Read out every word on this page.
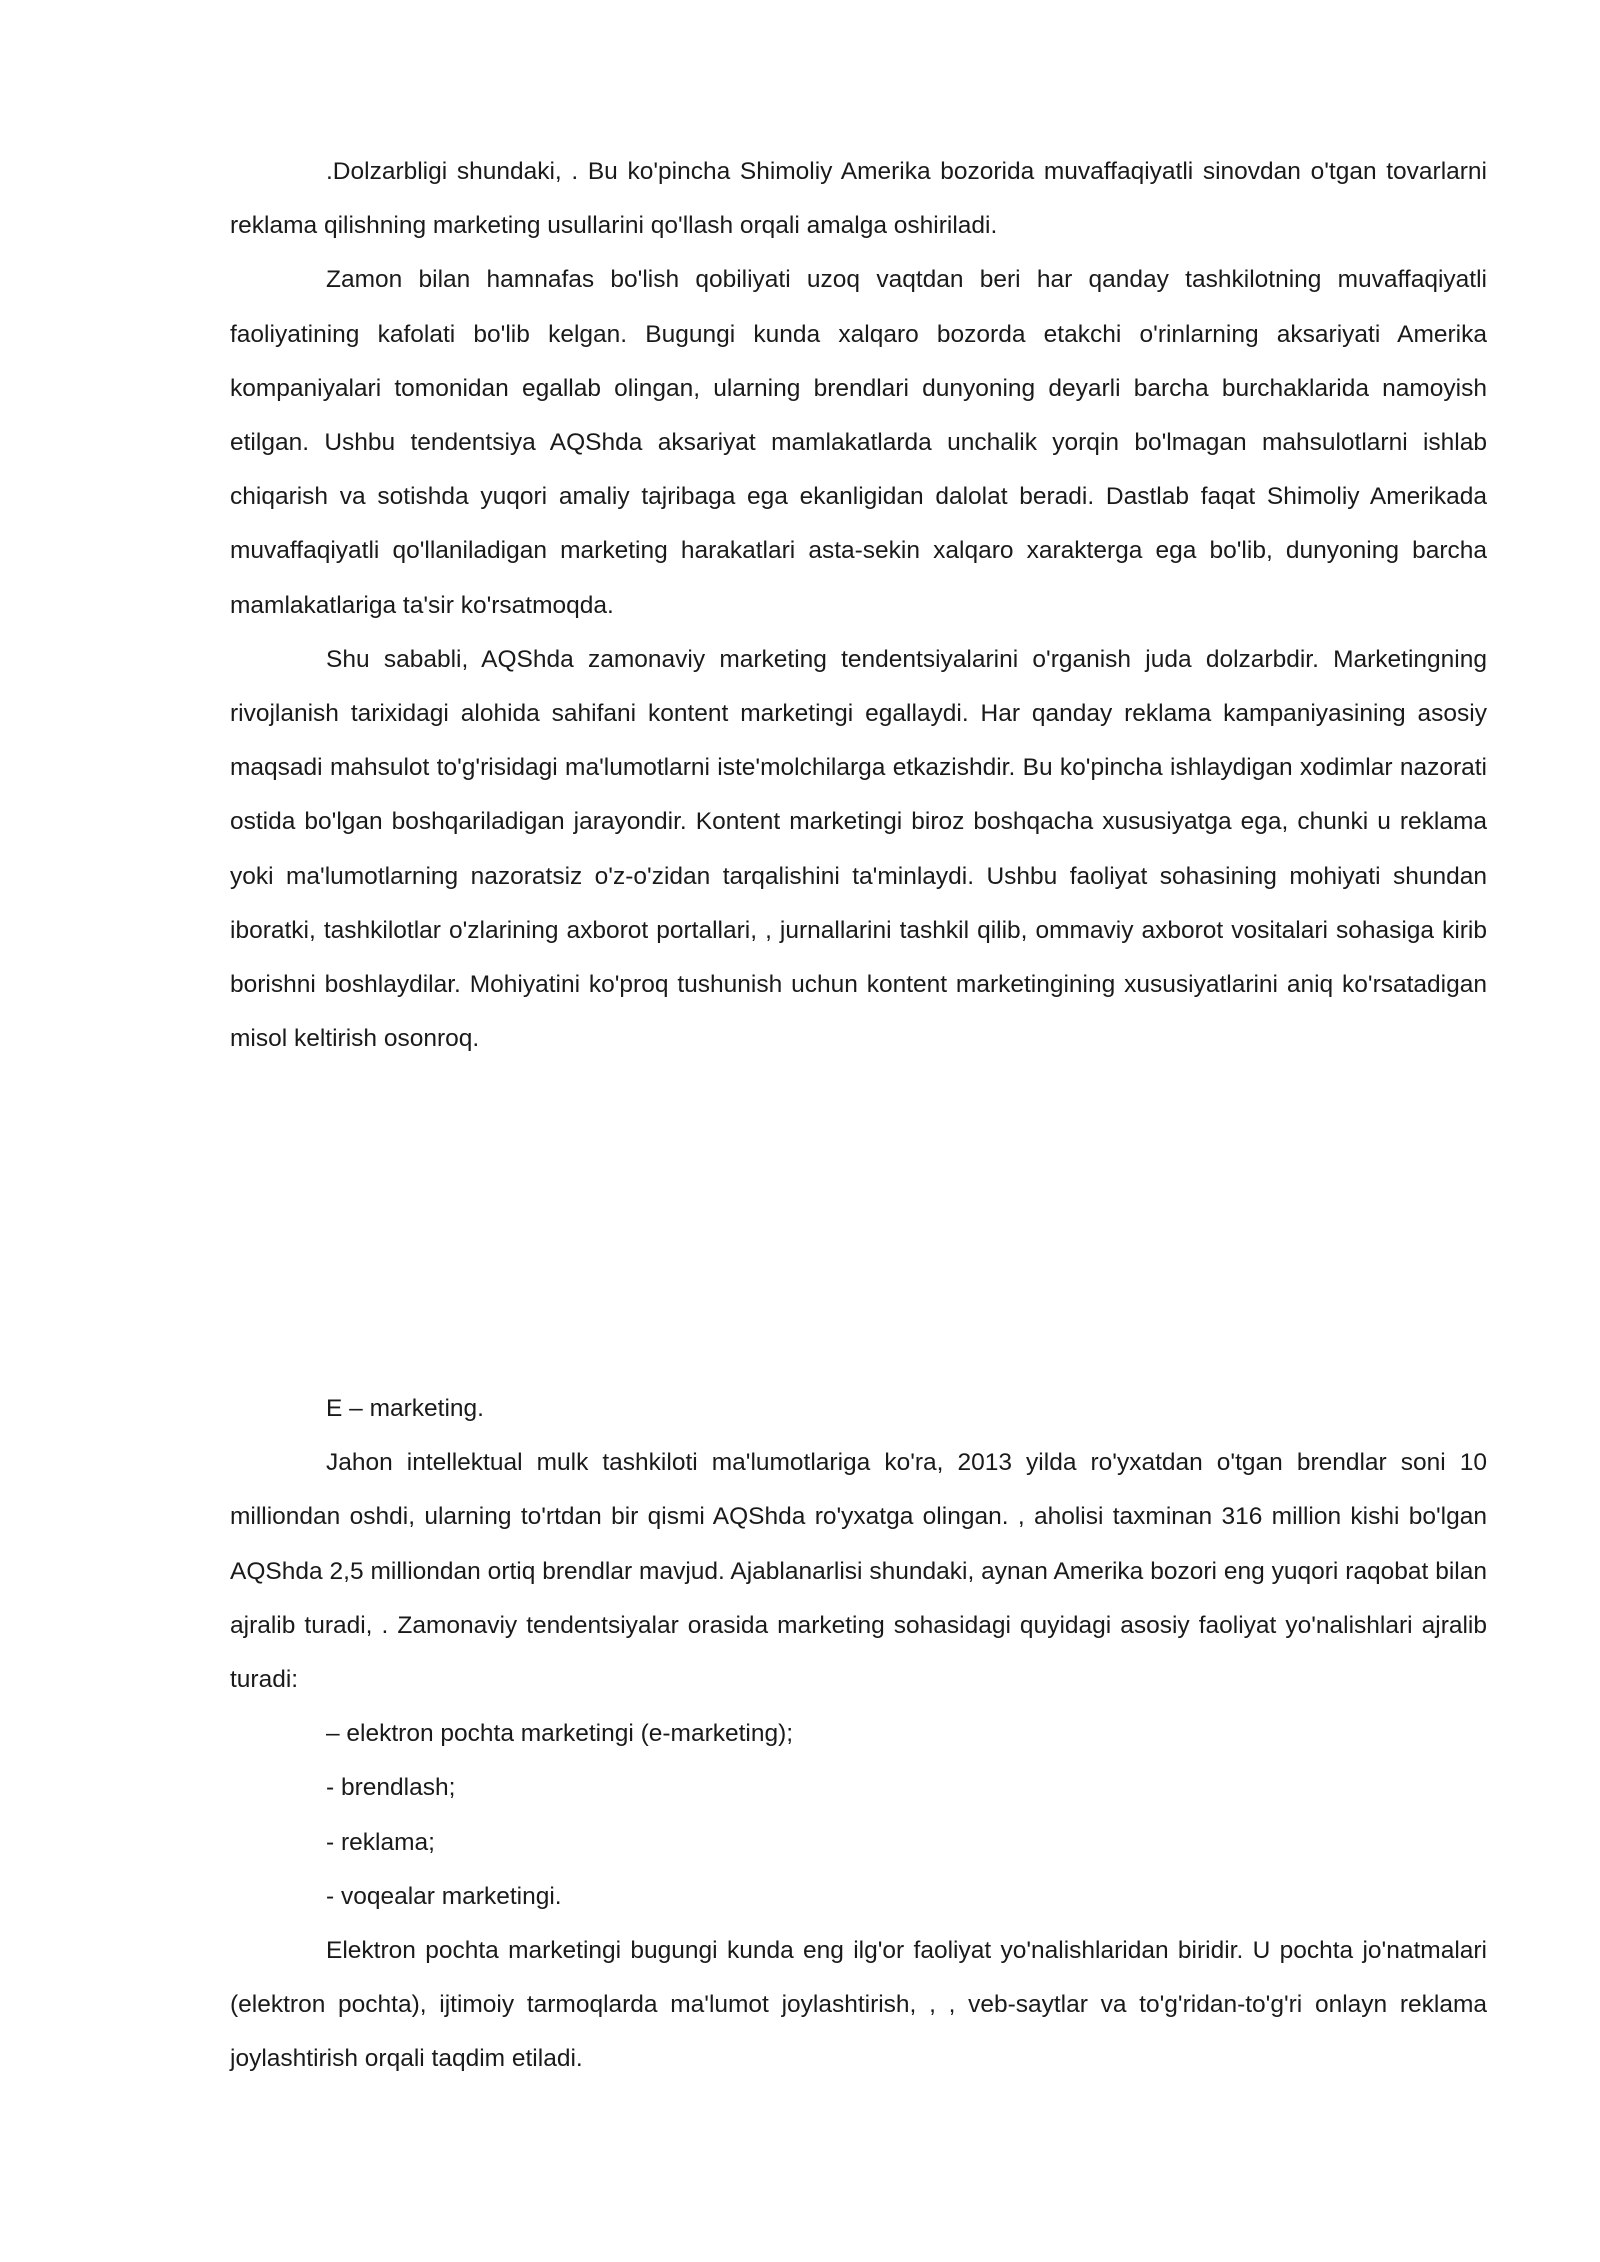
.Dolzarbligi shundaki, . Bu ko'pincha Shimoliy Amerika bozorida muvaffaqiyatli sinovdan o'tgan tovarlarni reklama qilishning marketing usullarini qo'llash orqali amalga oshiriladi.

Zamon bilan hamnafas bo'lish qobiliyati uzoq vaqtdan beri har qanday tashkilotning muvaffaqiyatli faoliyatining kafolati bo'lib kelgan. Bugungi kunda xalqaro bozorda etakchi o'rinlarning aksariyati Amerika kompaniyalari tomonidan egallab olingan, ularning brendlari dunyoning deyarli barcha burchaklarida namoyish etilgan. Ushbu tendentsiya AQShda aksariyat mamlakatlarda unchalik yorqin bo'lmagan mahsulotlarni ishlab chiqarish va sotishda yuqori amaliy tajribaga ega ekanligidan dalolat beradi. Dastlab faqat Shimoliy Amerikada muvaffaqiyatli qo'llaniladigan marketing harakatlari asta-sekin xalqaro xarakterga ega bo'lib, dunyoning barcha mamlakatlariga ta'sir ko'rsatmoqda.

Shu sababli, AQShda zamonaviy marketing tendentsiyalarini o'rganish juda dolzarbdir. Marketingning rivojlanish tarixidagi alohida sahifani kontent marketingi egallaydi. Har qanday reklama kampaniyasining asosiy maqsadi mahsulot to'g'risidagi ma'lumotlarni iste'molchilarga etkazishdir. Bu ko'pincha ishlaydigan xodimlar nazorati ostida bo'lgan boshqariladigan jarayondir. Kontent marketingi biroz boshqacha xususiyatga ega, chunki u reklama yoki ma'lumotlarning nazoratsiz o'z-o'zidan tarqalishini ta'minlaydi. Ushbu faoliyat sohasining mohiyati shundan iboratki, tashkilotlar o'zlarining axborot portallari, , jurnallarini tashkil qilib, ommaviy axborot vositalari sohasiga kirib borishni boshlaydilar. Mohiyatini ko'proq tushunish uchun kontent marketingining xususiyatlarini aniq ko'rsatadigan misol keltirish osonroq.

E – marketing.

Jahon intellektual mulk tashkiloti ma'lumotlariga ko'ra, 2013 yilda ro'yxatdan o'tgan brendlar soni 10 milliondan oshdi, ularning to'rtdan bir qismi AQShda ro'yxatga olingan. , aholisi taxminan 316 million kishi bo'lgan AQShda 2,5 milliondan ortiq brendlar mavjud. Ajablanarlisi shundaki, aynan Amerika bozori eng yuqori raqobat bilan ajralib turadi, . Zamonaviy tendentsiyalar orasida marketing sohasidagi quyidagi asosiy faoliyat yo'nalishlari ajralib turadi:

– elektron pochta marketingi (e-marketing);

- brendlash;

- reklama;

- voqealar marketingi.

Elektron pochta marketingi bugungi kunda eng ilg'or faoliyat yo'nalishlaridan biridir. U pochta jo'natmalari (elektron pochta), ijtimoiy tarmoqlarda ma'lumot joylashtirish, , , veb-saytlar va to'g'ridan-to'g'ri onlayn reklama joylashtirish orqali taqdim etiladi.
